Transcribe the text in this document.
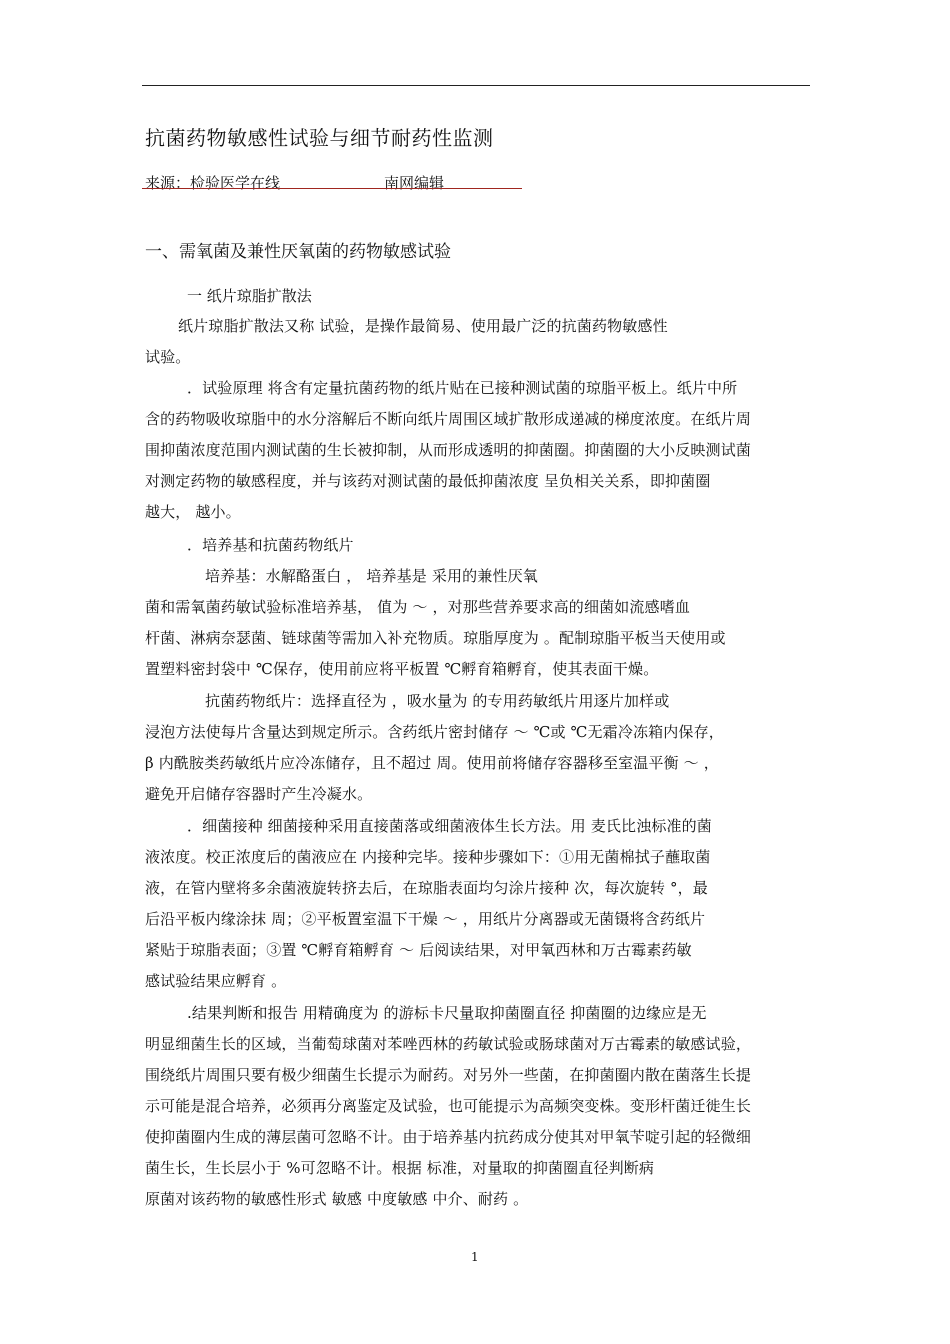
抗菌药物敏感性试验与细节耐药性监测
来源：检验医学在线	南网编辑
一、需氧菌及兼性厌氧菌的药物敏感试验
一 纸片琼脂扩散法
纸片琼脂扩散法又称 试验，是操作最简易、使用最广泛的抗菌药物敏感性
试验。
．试验原理 将含有定量抗菌药物的纸片贴在已接种测试菌的琼脂平板上。纸片中所
含的药物吸收琼脂中的水分溶解后不断向纸片周围区域扩散形成递减的梯度浓度。在纸片周
围抑菌浓度范围内测试菌的生长被抑制，从而形成透明的抑菌圈。抑菌圈的大小反映测试菌
对测定药物的敏感程度，并与该药对测试菌的最低抑菌浓度 呈负相关关系，即抑菌圈
越大， 越小。
．培养基和抗菌药物纸片
培养基：水解酪蛋白 ， 培养基是 采用的兼性厌氧
菌和需氧菌药敏试验标准培养基， 值为 ～ ，对那些营养要求高的细菌如流感嗜血
杆菌、淋病奈瑟菌、链球菌等需加入补充物质。琼脂厚度为 。配制琼脂平板当天使用或
置塑料密封袋中 ℃保存，使用前应将平板置 ℃孵育箱孵育，使其表面干燥。
抗菌药物纸片：选择直径为 ，吸水量为 的专用药敏纸片用逐片加样或
浸泡方法使每片含量达到规定所示。含药纸片密封储存 ～ ℃或 ℃无霜冷冻箱内保存，
β 内酰胺类药敏纸片应冷冻储存，且不超过 周。使用前将储存容器移至室温平衡 ～ ，
避免开启储存容器时产生冷凝水。
．细菌接种 细菌接种采用直接菌落或细菌液体生长方法。用 麦氏比浊标准的菌
液浓度。校正浓度后的菌液应在 内接种完毕。接种步骤如下：①用无菌棉拭子蘸取菌
液，在管内壁将多余菌液旋转挤去后，在琼脂表面均匀涂片接种 次，每次旋转 °，最
后沿平板内缘涂抹 周；②平板置室温下干燥 ～ ，用纸片分离器或无菌镊将含药纸片
紧贴于琼脂表面；③置 ℃孵育箱孵育 ～ 后阅读结果，对甲氧西林和万古霉素药敏
感试验结果应孵育 。
.结果判断和报告 用精确度为 的游标卡尺量取抑菌圈直径 抑菌圈的边缘应是无
明显细菌生长的区域，当葡萄球菌对苯唑西林的药敏试验或肠球菌对万古霉素的敏感试验，
围绕纸片周围只要有极少细菌生长提示为耐药。对另外一些菌，在抑菌圈内散在菌落生长提
示可能是混合培养，必须再分离鉴定及试验，也可能提示为高频突变株。变形杆菌迁徙生长
使抑菌圈内生成的薄层菌可忽略不计。由于培养基内抗药成分使其对甲氧苄啶引起的轻微细
菌生长，生长层小于 %可忽略不计。根据 标准，对量取的抑菌圈直径判断病
原菌对该药物的敏感性形式 敏感 中度敏感 中介、耐药 。
1
